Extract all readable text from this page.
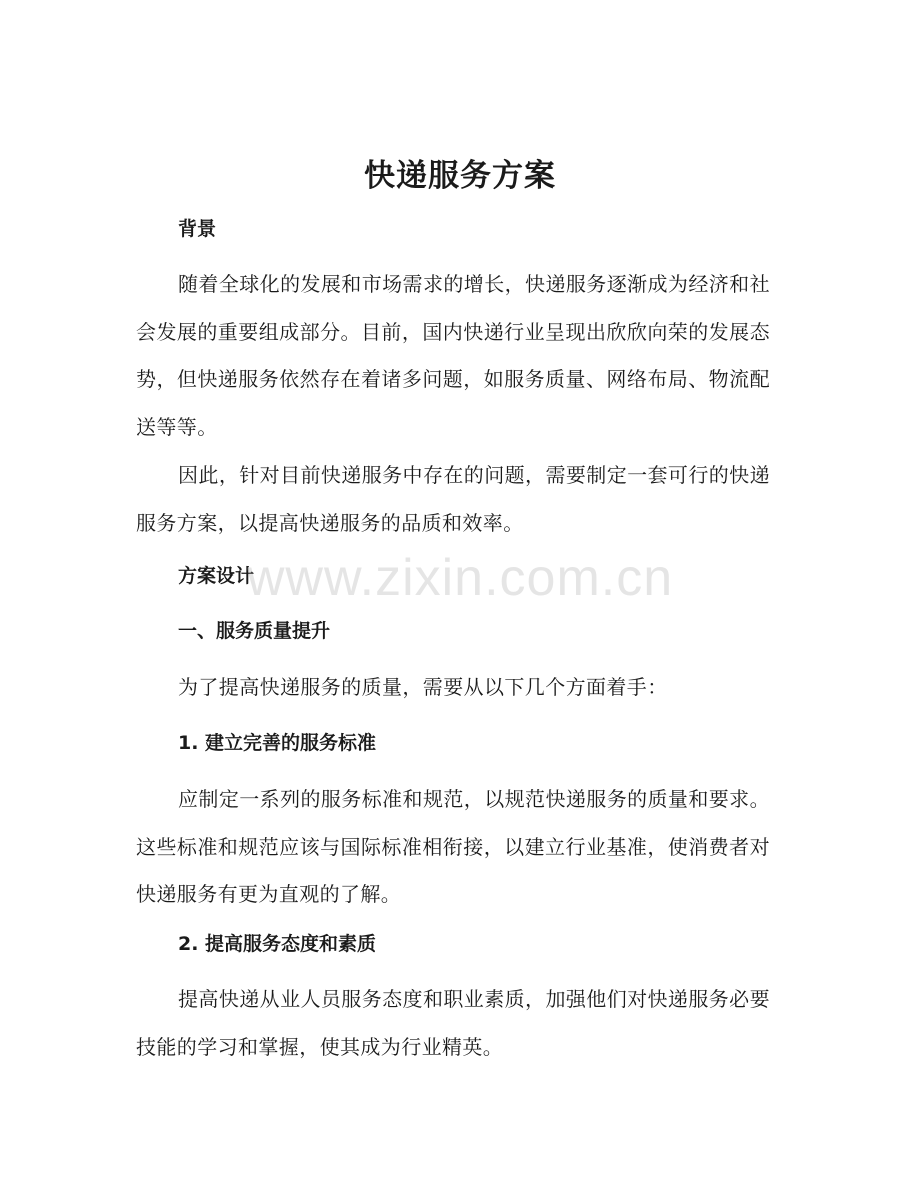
快递服务方案
背景
随着全球化的发展和市场需求的增长，快递服务逐渐成为经济和社会发展的重要组成部分。目前，国内快递行业呈现出欣欣向荣的发展态势，但快递服务依然存在着诸多问题，如服务质量、网络布局、物流配送等等。
因此，针对目前快递服务中存在的问题，需要制定一套可行的快递服务方案，以提高快递服务的品质和效率。
方案设计
一、服务质量提升
为了提高快递服务的质量，需要从以下几个方面着手：
1. 建立完善的服务标准
应制定一系列的服务标准和规范，以规范快递服务的质量和要求。这些标准和规范应该与国际标准相衔接，以建立行业基准，使消费者对快递服务有更为直观的了解。
2. 提高服务态度和素质
提高快递从业人员服务态度和职业素质，加强他们对快递服务必要技能的学习和掌握，使其成为行业精英。
www.zixin.com.cn
